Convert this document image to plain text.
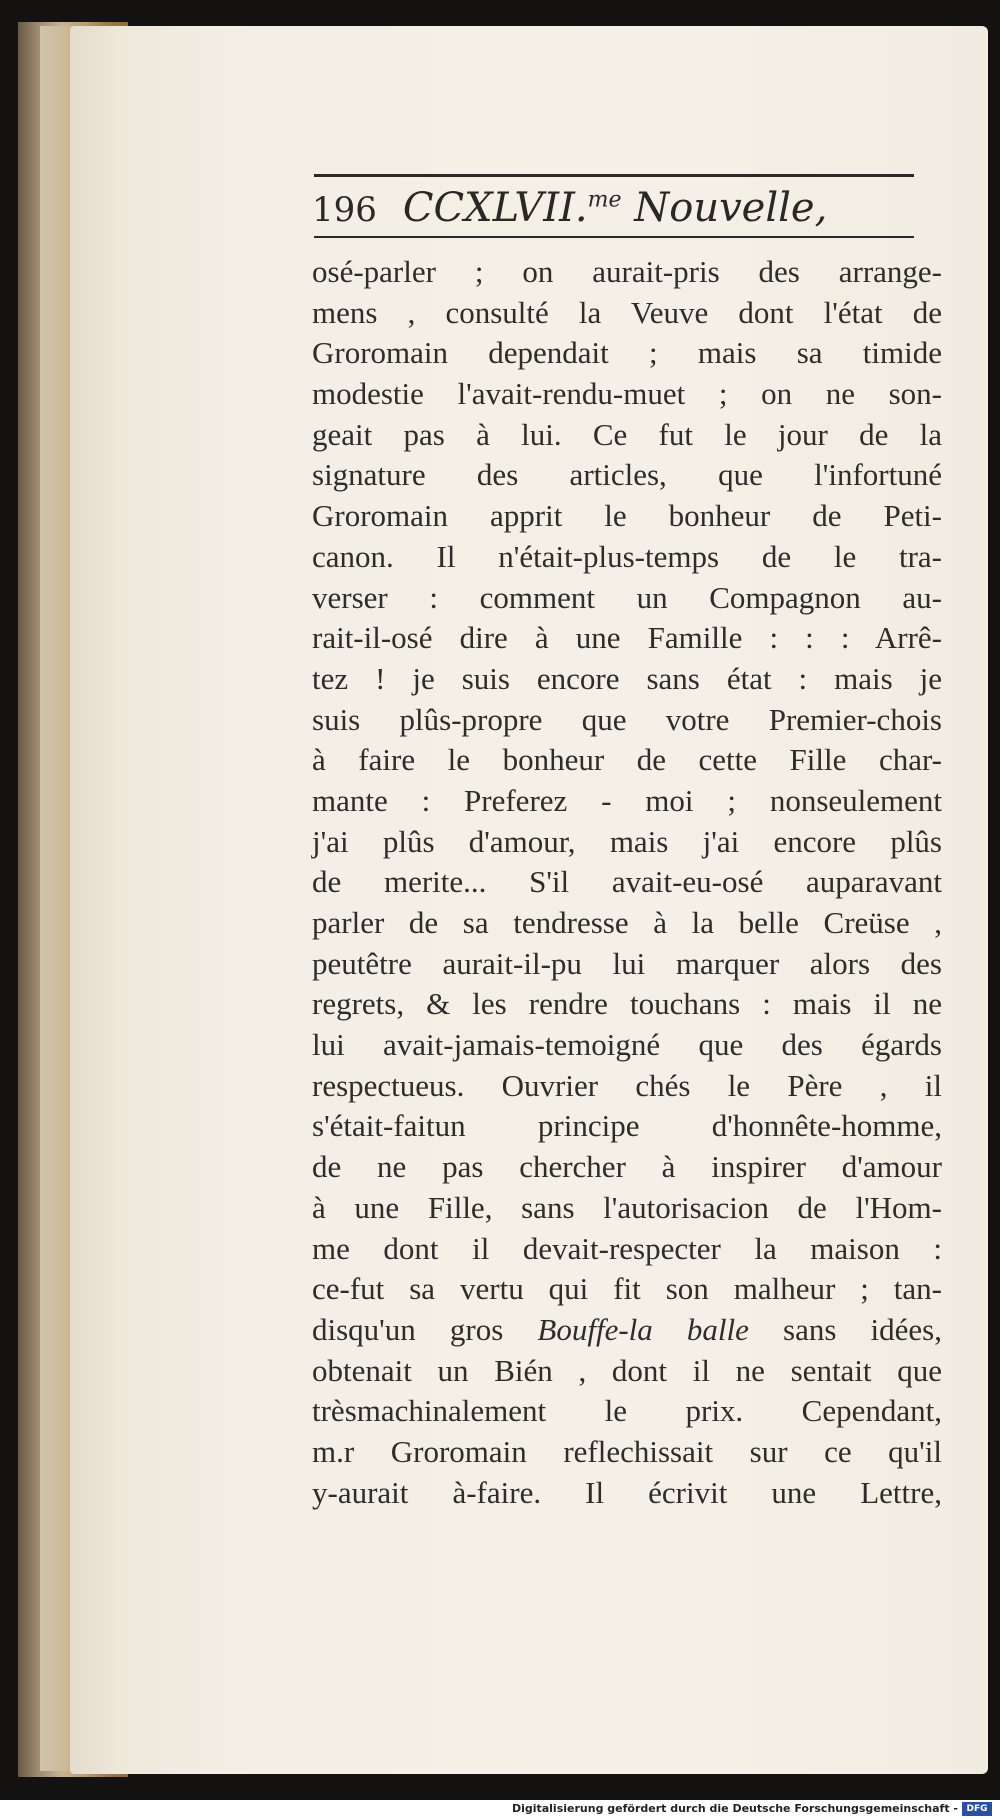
196 CCXLVII.$^{me}$ Nouvelle,
osé-parler ; on aurait-pris des arrange-
mens , consulté la Veuve dont l'état de
Groromain dependait ; mais sa timide
modestie l'avait-rendu-muet ; on ne son-
geait pas à lui. Ce fut le jour de la
signature des articles, que l'infortuné
Groromain apprit le bonheur de Peti-
canon. Il n'était-plus-temps de le tra-
verser : comment un Compagnon au-
rait-il-osé dire à une Famille : : : Arrê-
tez ! je suis encore sans état : mais je
suis plûs-propre que votre Premier-chois
à faire le bonheur de cette Fille char-
mante : Preferez - moi ; nonseulement
j'ai plûs d'amour, mais j'ai encore plûs
de merite... S'il avait-eu-osé auparavant
parler de sa tendresse à la belle Creüse ,
peutêtre aurait-il-pu lui marquer alors des
regrets, & les rendre touchans : mais il ne
lui avait-jamais-temoigné que des égards
respectueus. Ouvrier chés le Père , il
s'était-faitun principe d'honnête-homme,
de ne pas chercher à inspirer d'amour
à une Fille, sans l'autorisacion de l'Hom-
me dont il devait-respecter la maison :
ce-fut sa vertu qui fit son malheur ; tan-
disqu'un gros Bouffe-la balle sans idées,
obtenait un Bién , dont il ne sentait que
trèsmachinalement le prix. Cependant,
m.r Groromain reflechissait sur ce qu'il
y-aurait à-faire. Il écrivit une Lettre,
Digitalisierung gefördert durch die Deutsche Forschungsgemeinschaft - DFG
